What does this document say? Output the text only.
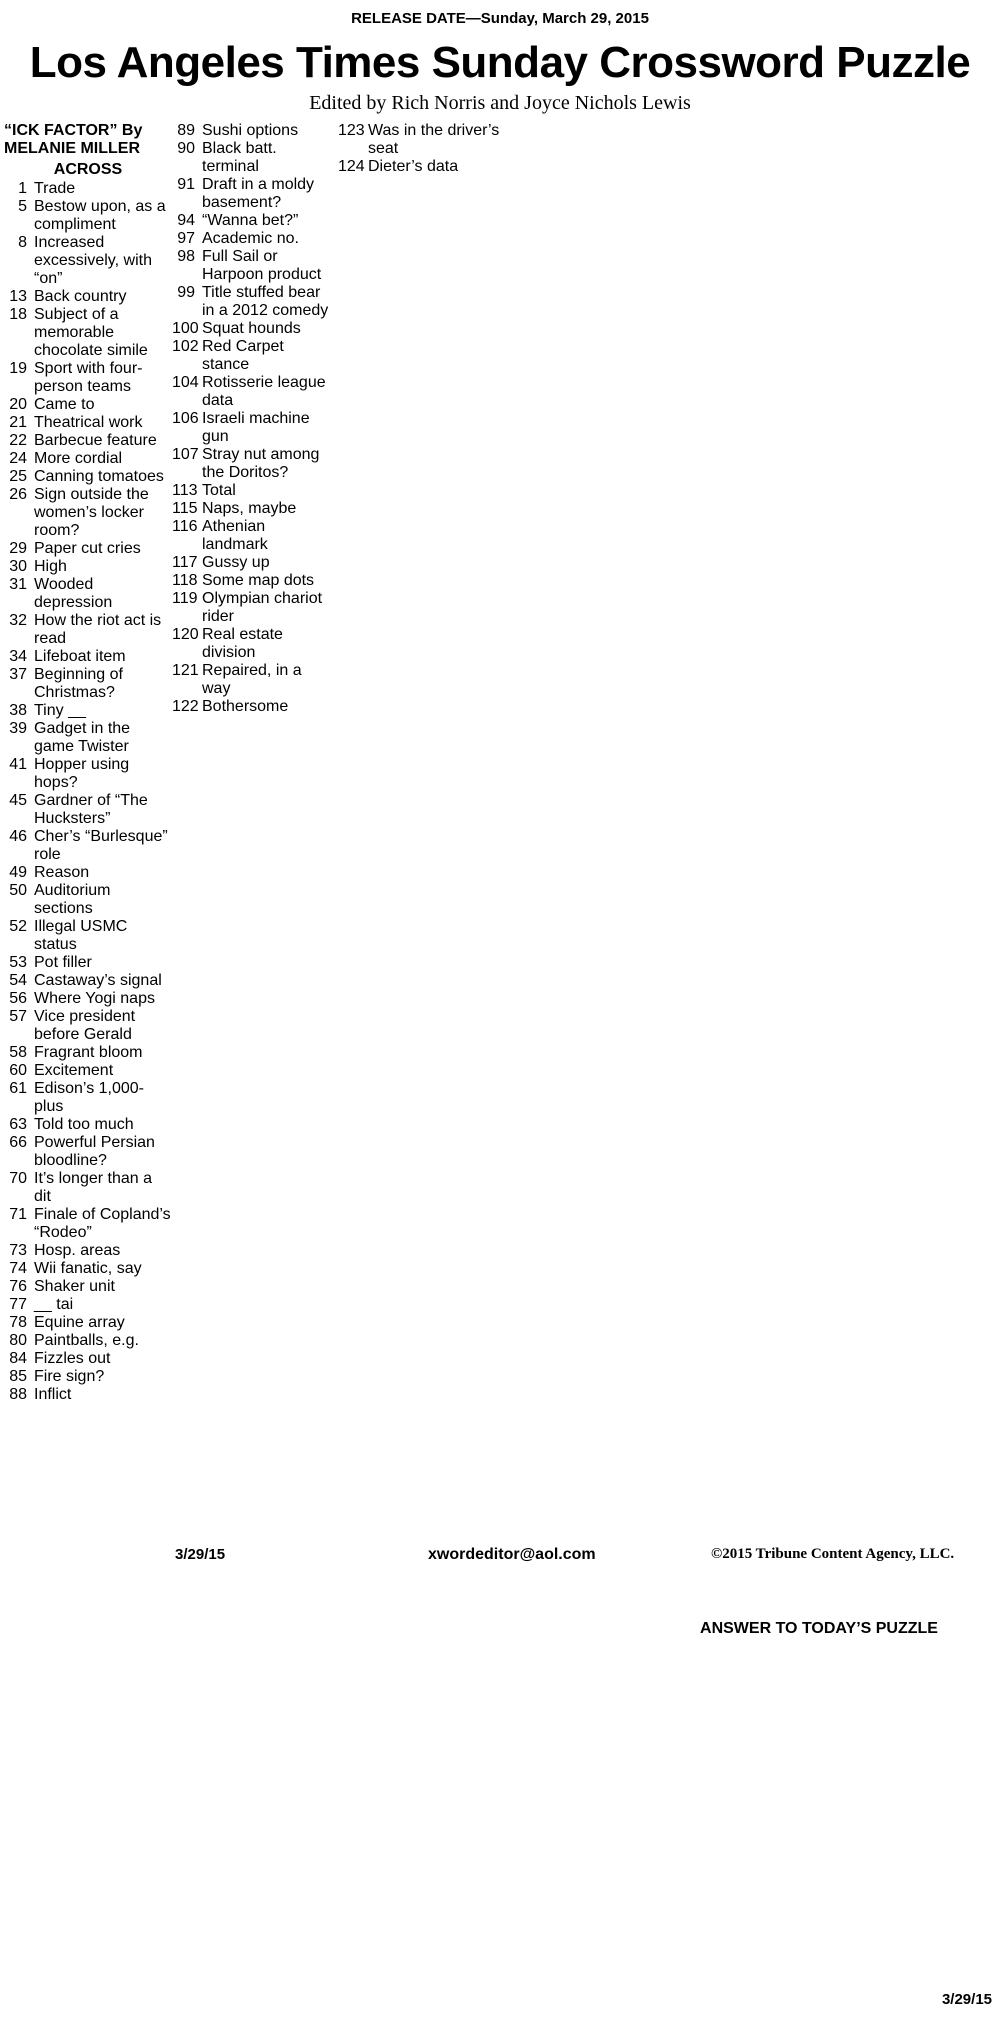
RELEASE DATE—Sunday, March 29, 2015
Los Angeles Times Sunday Crossword Puzzle
Edited by Rich Norris and Joyce Nichols Lewis
“ICK FACTOR” By
MELANIE MILLER
ACROSS
1 Trade
5 Bestow upon, as a compliment
8 Increased excessively, with “on”
13 Back country
18 Subject of a memorable chocolate simile
19 Sport with four-person teams
20 Came to
21 Theatrical work
22 Barbecue feature
24 More cordial
25 Canning tomatoes
26 Sign outside the women’s locker room?
29 Paper cut cries
30 High
31 Wooded depression
32 How the riot act is read
34 Lifeboat item
37 Beginning of Christmas?
38 Tiny __
39 Gadget in the game Twister
41 Hopper using hops?
45 Gardner of “The Hucksters”
46 Cher’s “Burlesque” role
49 Reason
50 Auditorium sections
52 Illegal USMC status
53 Pot filler
54 Castaway’s signal
56 Where Yogi naps
57 Vice president before Gerald
58 Fragrant bloom
60 Excitement
61 Edison’s 1,000-plus
63 Told too much
66 Powerful Persian bloodline?
70 It’s longer than a dit
71 Finale of Copland’s “Rodeo”
73 Hosp. areas
74 Wii fanatic, say
76 Shaker unit
77 __ tai
78 Equine array
80 Paintballs, e.g.
84 Fizzles out
85 Fire sign?
88 Inflict
89 Sushi options
90 Black batt. terminal
91 Draft in a moldy basement?
94 “Wanna bet?”
97 Academic no.
98 Full Sail or Harpoon product
99 Title stuffed bear in a 2012 comedy
100 Squat hounds
102 Red Carpet stance
104 Rotisserie league data
106 Israeli machine gun
107 Stray nut among the Doritos?
113 Total
115 Naps, maybe
116 Athenian landmark
117 Gussy up
118 Some map dots
119 Olympian chariot rider
120 Real estate division
121 Repaired, in a way
122 Bothersome
123 Was in the driver’s seat
124 Dieter’s data
3/29/15	xwordeditor@aol.com	©2015 Tribune Content Agency, LLC.
ANSWER TO TODAY’S PUZZLE
3/29/15
